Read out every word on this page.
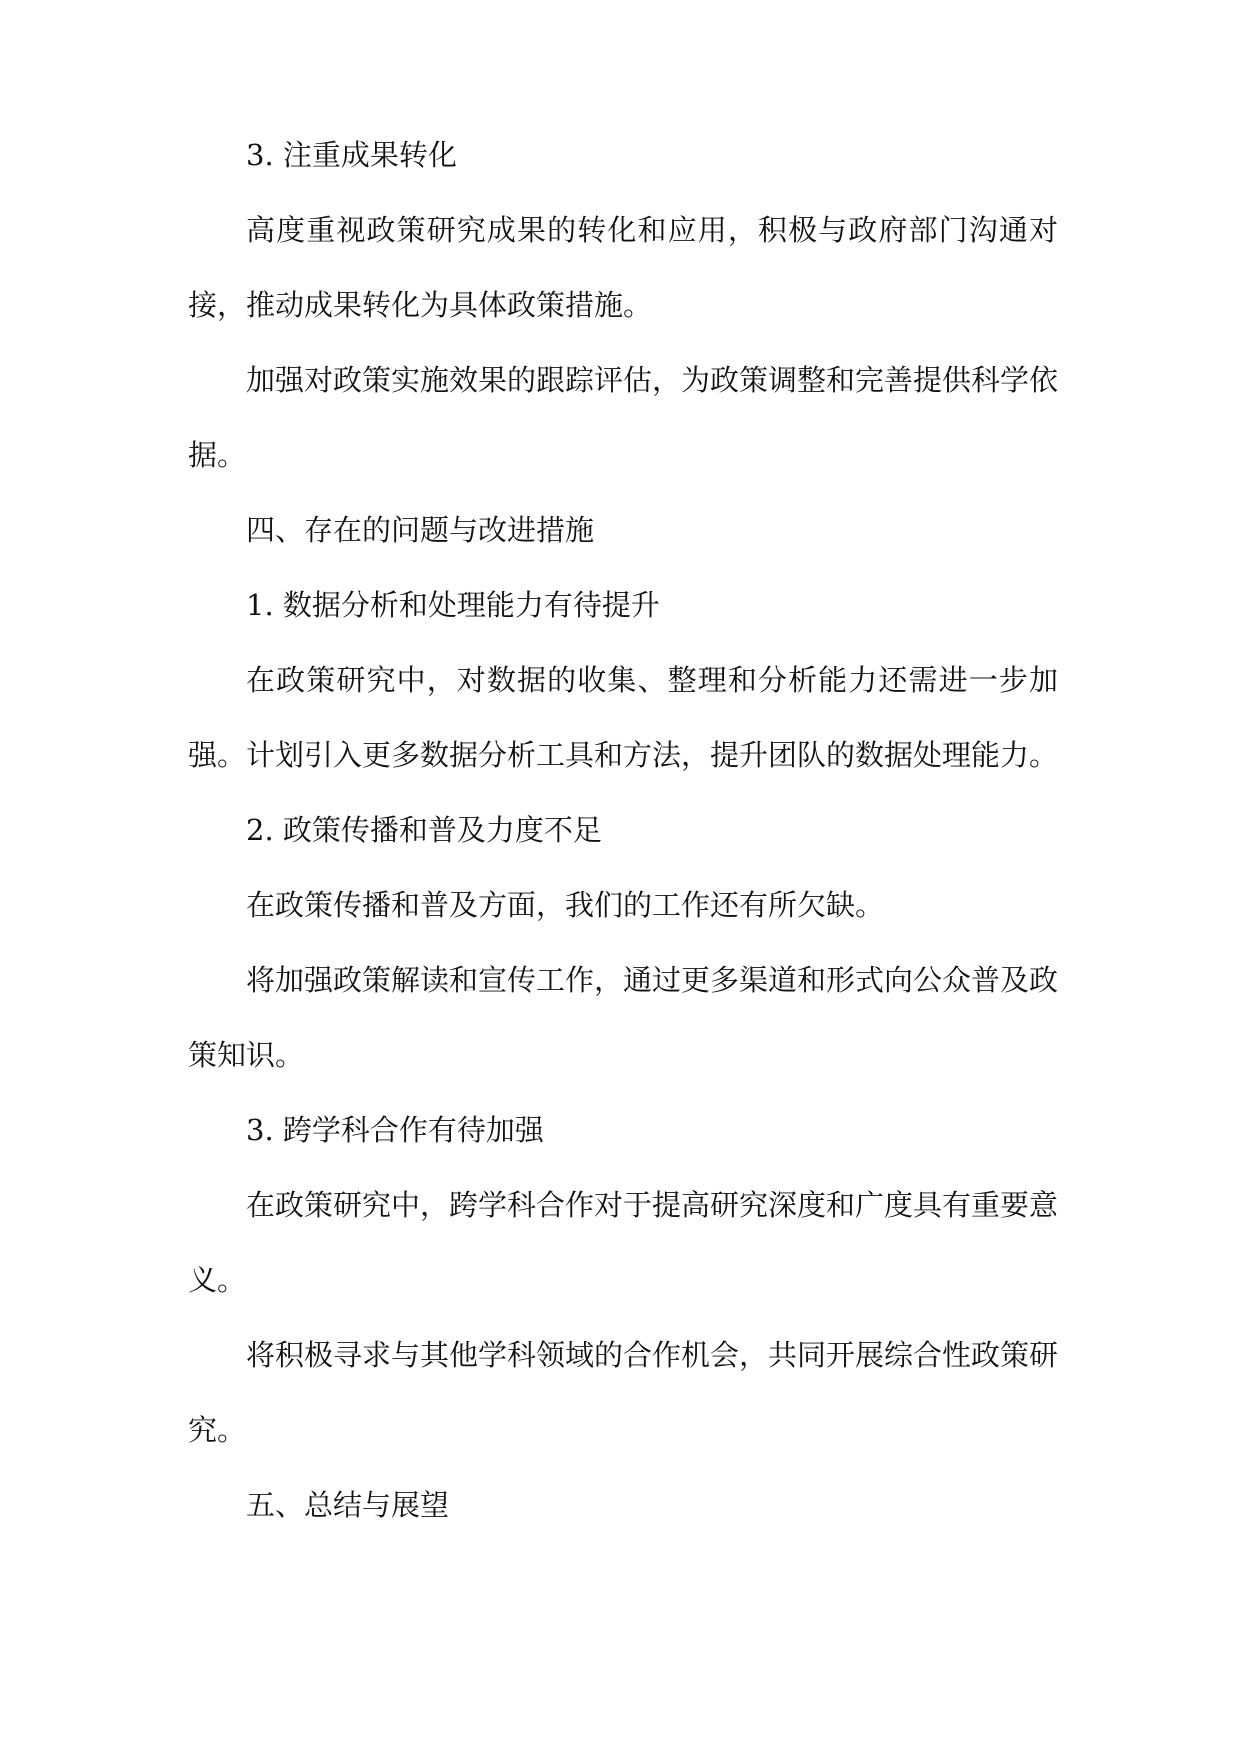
3. 注重成果转化
高度重视政策研究成果的转化和应用，积极与政府部门沟通对接，推动成果转化为具体政策措施。
加强对政策实施效果的跟踪评估，为政策调整和完善提供科学依据。
四、存在的问题与改进措施
1. 数据分析和处理能力有待提升
在政策研究中，对数据的收集、整理和分析能力还需进一步加强。 计划引入更多数据分析工具和方法，提升团队的数据处理能力。
2. 政策传播和普及力度不足
在政策传播和普及方面，我们的工作还有所欠缺。
将加强政策解读和宣传工作，通过更多渠道和形式向公众普及政策知识。
3. 跨学科合作有待加强
在政策研究中，跨学科合作对于提高研究深度和广度具有重要意义。
将积极寻求与其他学科领域的合作机会，共同开展综合性政策研究。
五、总结与展望
